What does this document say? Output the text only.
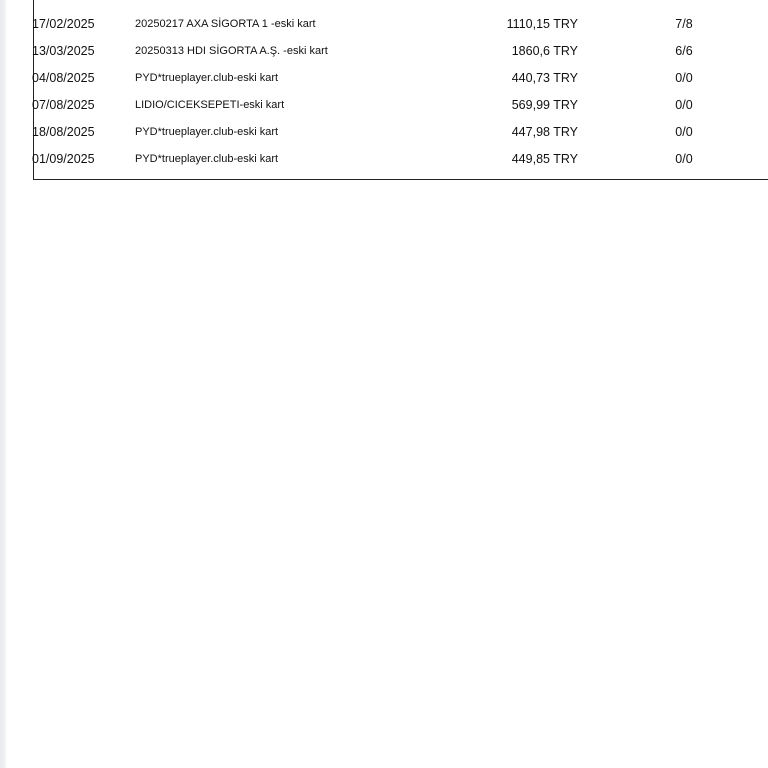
17/02/2025	20250217 AXA SİGORTA 1 -eski kart	1110,15 TRY	7/8
13/03/2025	20250313 HDI SİGORTA A.Ş. -eski kart	1860,6 TRY	6/6
04/08/2025	PYD*trueplayer.club-eski kart	440,73 TRY	0/0
07/08/2025	LIDIO/CICEKSEPETI-eski kart	569,99 TRY	0/0
18/08/2025	PYD*trueplayer.club-eski kart	447,98 TRY	0/0
01/09/2025	PYD*trueplayer.club-eski kart	449,85 TRY	0/0
